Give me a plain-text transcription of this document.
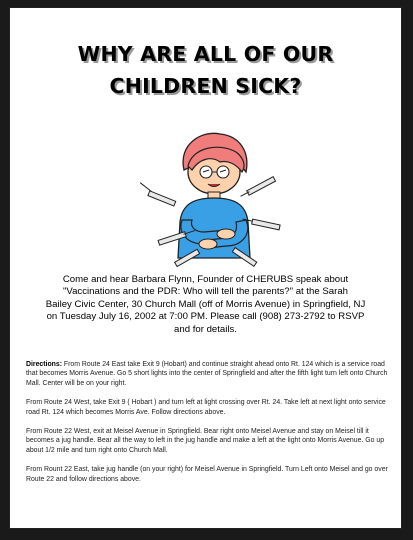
WHY ARE ALL OF OUR
CHILDREN SICK?

Come and hear Barbara Flynn, Founder of CHERUBS speak about
"Vaccinations and the PDR: Who will tell the parents?" at the Sarah
Bailey Civic Center, 30 Church Mall (off of Morris Avenue) in Springfield, NJ
on Tuesday July 16, 2002 at 7:00 PM. Please call (908) 273-2792 to RSVP
and for details.

Directions: From Route 24 East take Exit 9 (Hobart) and continue straight ahead onto Rt. 124 which is a service road that becomes Morris Avenue. Go 5 short lights into the center of Springfield and after the fifth light turn left onto Church Mall. Center will be on your right.

From Route 24 West, take Exit 9 ( Hobart ) and turn left at light crossing over Rt. 24. Take left at next light onto service road Rt. 124 which becomes Morris Ave. Follow directions above.

From Route 22 West, exit at Meisel Avenue in Springfield. Bear right onto Meisel Avenue and stay on Meisel till it becomes a jug handle. Bear all the way to left in the jug handle and make a left at the light onto Morris Avenue. Go up about 1/2 mile and turn right onto Church Mall.

From Rount 22 East, take jug handle (on your right) for Meisel Avenue in Springfield. Turn Left onto Meisel and go over Route 22 and follow directions above.
